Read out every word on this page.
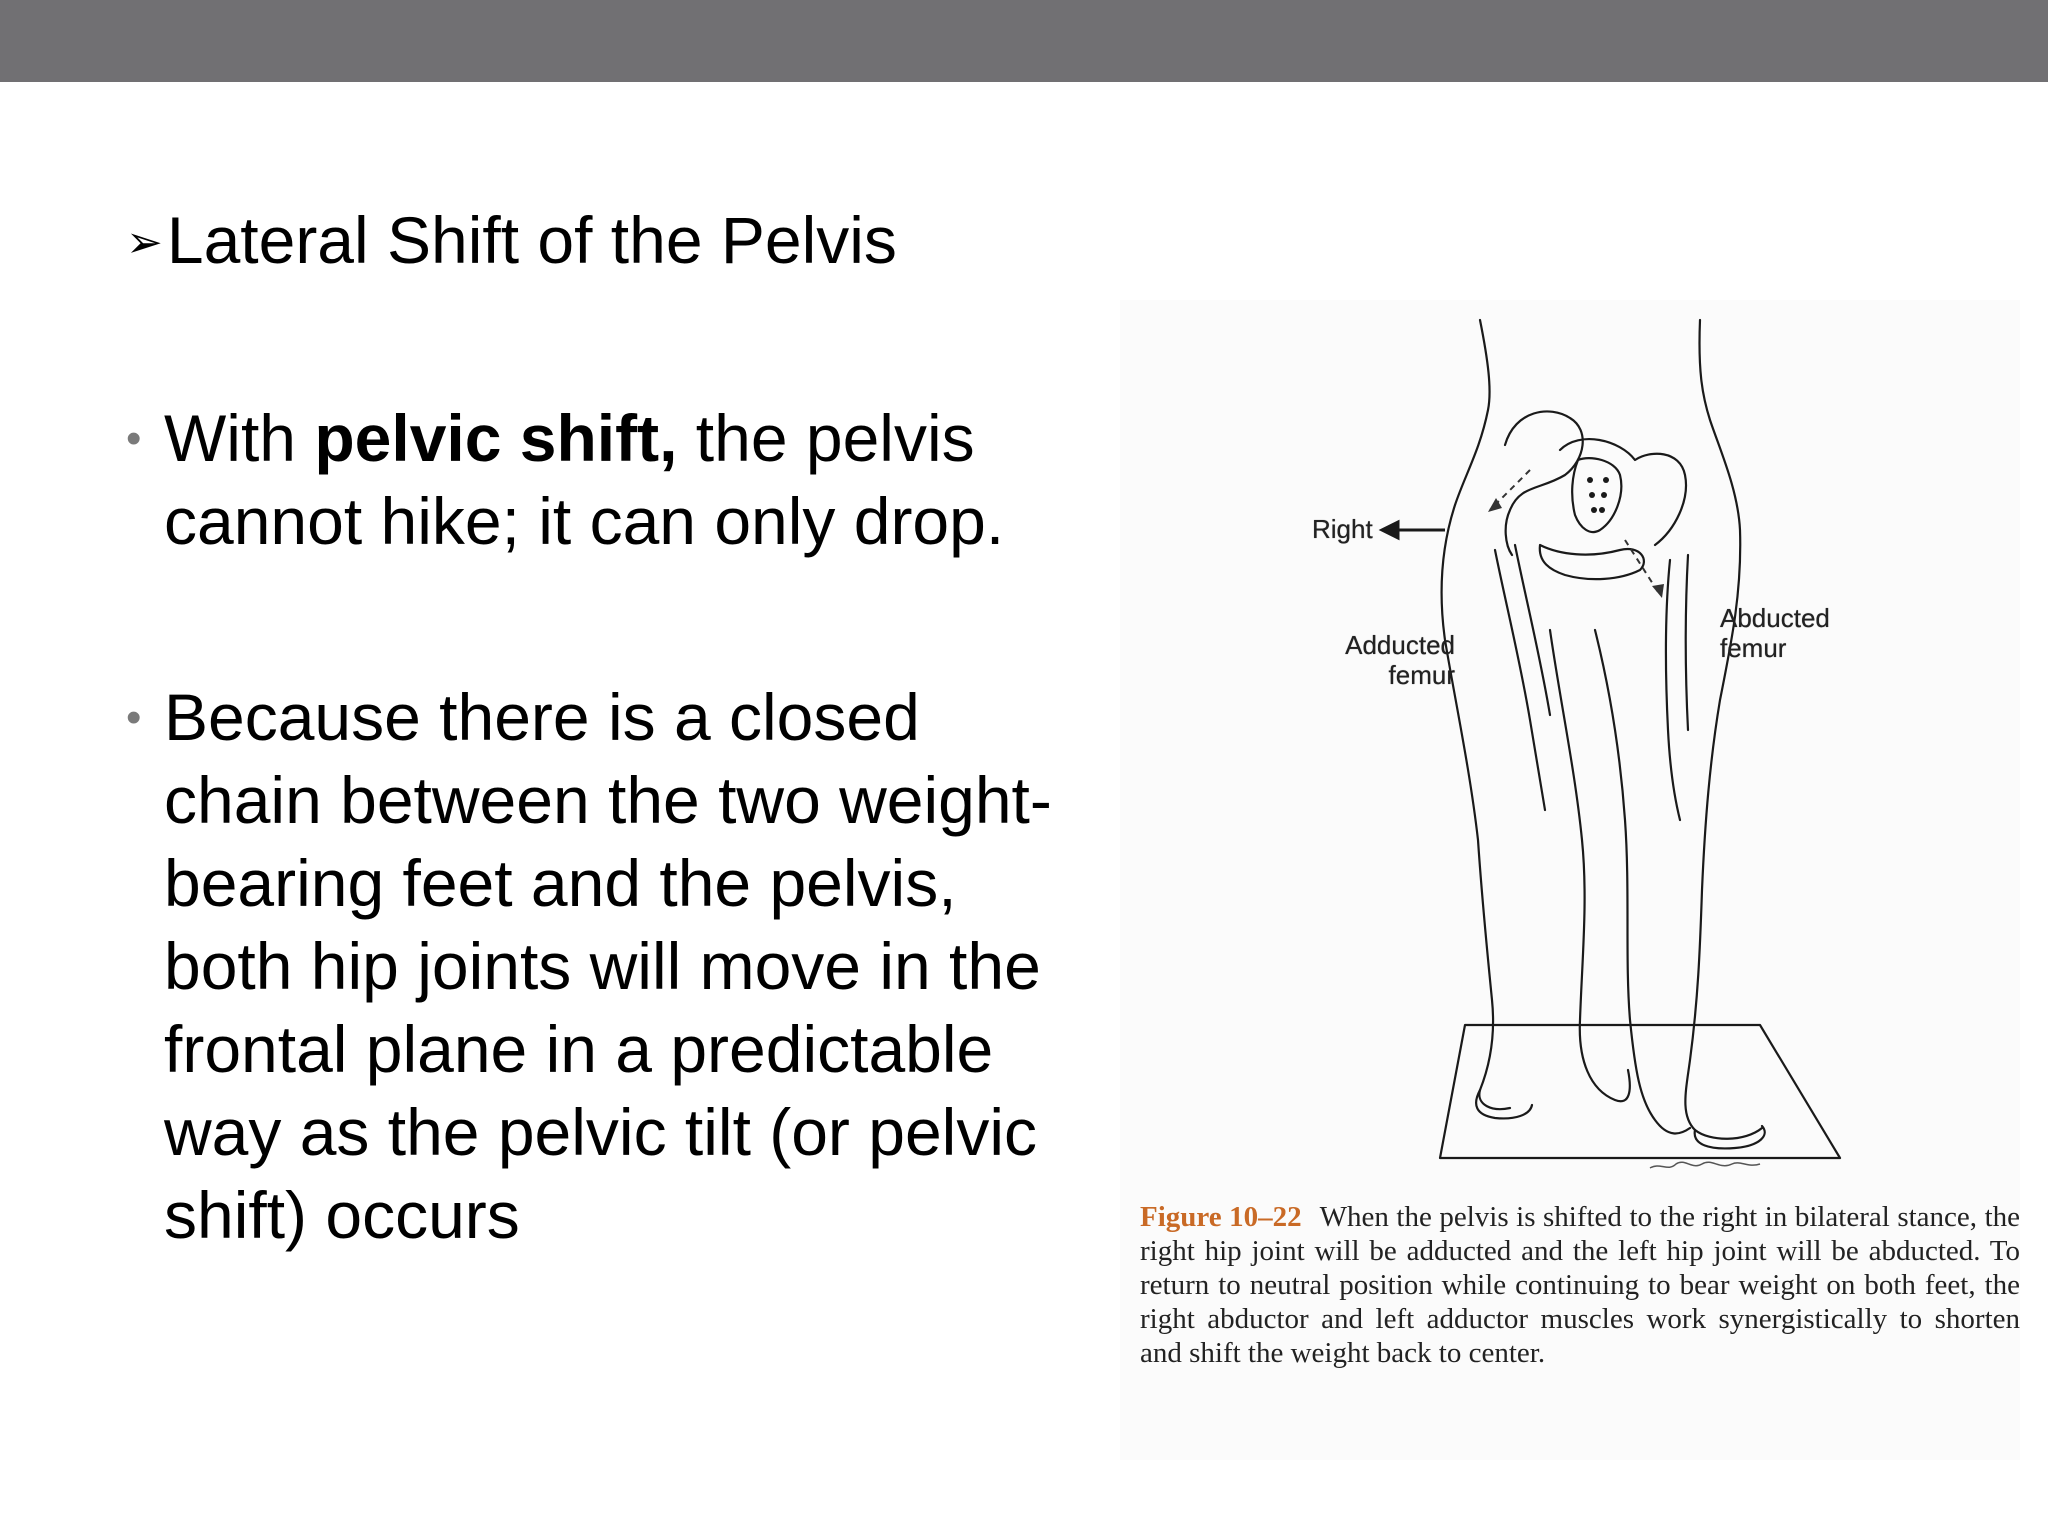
➢Lateral Shift of the Pelvis
• With pelvic shift, the pelvis cannot hike; it can only drop.
• Because there is a closed chain between the two weight-bearing feet and the pelvis, both hip joints will move in the frontal plane in a predictable way as the pelvic tilt (or pelvic shift) occurs
Right
Adducted
femur
Abducted
femur
Figure 10–22 When the pelvis is shifted to the right in bilateral stance, the right hip joint will be adducted and the left hip joint will be abducted. To return to neutral position while continuing to bear weight on both feet, the right abductor and left adductor muscles work synergistically to shorten and shift the weight back to center.
